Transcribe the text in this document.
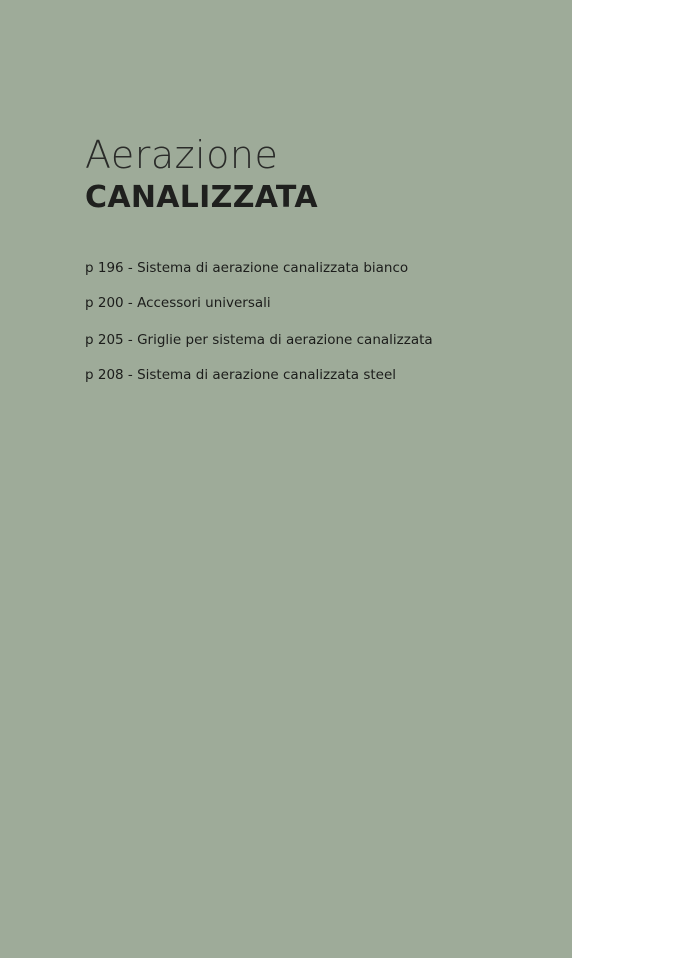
Aerazione
CANALIZZATA
p 196 - Sistema di aerazione canalizzata bianco
p 200 - Accessori universali
p 205 - Griglie per sistema di aerazione canalizzata
p 208 - Sistema di aerazione canalizzata steel
